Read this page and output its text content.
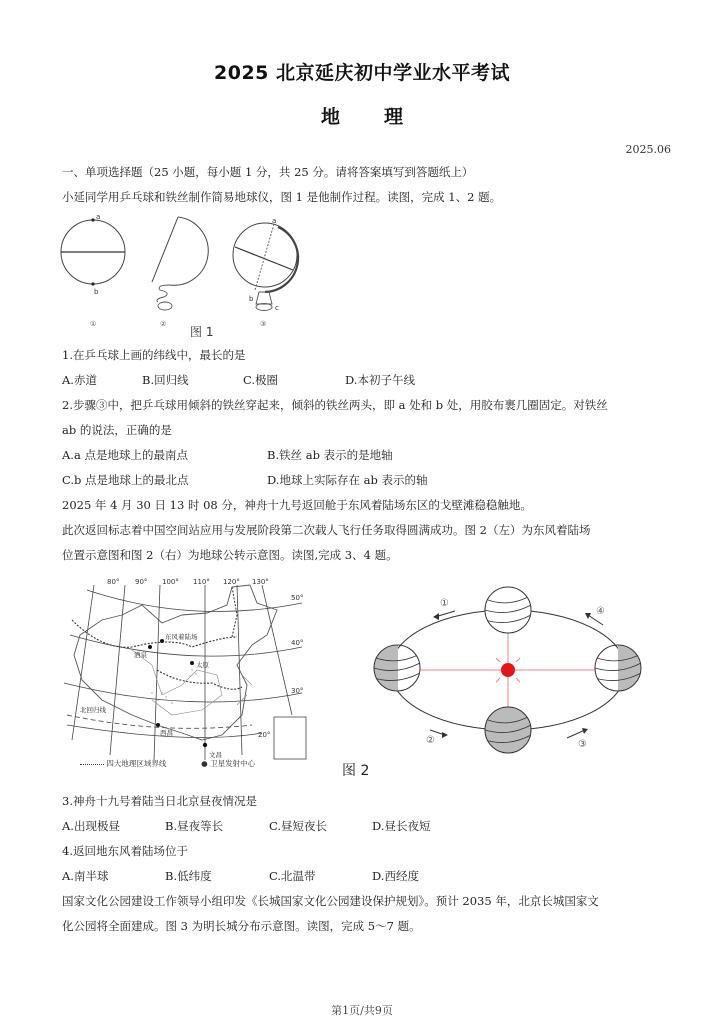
2025 北京延庆初中学业水平考试
地 理
2025.06
一、单项选择题（25 小题，每小题 1 分，共 25 分。请将答案填写到答题纸上）
小延同学用乒乓球和铁丝制作简易地球仪，图 1 是他制作过程。读图，完成 1、2 题。
a
b
a
b
c
①	②	③
图 1
1.在乒乓球上画的纬线中，最长的是
A.赤道	B.回归线	C.极圈	D.本初子午线
2.步骤③中，把乒乓球用倾斜的铁丝穿起来，倾斜的铁丝两头，即 a 处和 b 处，用胶布裹几圈固定。对铁丝
ab 的说法，正确的是
A.a 点是地球上的最南点	B.铁丝 ab 表示的是地轴
C.b 点是地球上的最北点	D.地球上实际存在 ab 表示的轴
2025 年 4 月 30 日 13 时 08 分，神舟十九号返回舱于东风着陆场东区的戈壁滩稳稳触地。
此次返回标志着中国空间站应用与发展阶段第二次载人飞行任务取得圆满成功。图 2（左）为东风着陆场
位置示意图和图 2（右）为地球公转示意图。读图,完成 3、4 题。
80° 90° 100° 110° 120° 130°
50°
40°
30°
20°
东风着陆场
酒泉
太原
西昌
文昌
北回归线
四大地理区域界线	● 卫星发射中心	图 2
①
②	③
④
3.神舟十九号着陆当日北京昼夜情况是
A.出现极昼	B.昼夜等长	C.昼短夜长	D.昼长夜短
4.返回地东风着陆场位于
A.南半球	B.低纬度	C.北温带	D.西经度
国家文化公园建设工作领导小组印发《长城国家文化公园建设保护规划》。预计 2035 年，北京长城国家文
化公园将全面建成。图 3 为明长城分布示意图。读图，完成 5～7 题。
第1页/共9页
